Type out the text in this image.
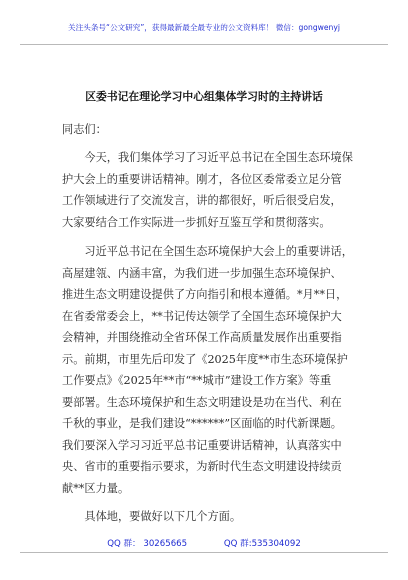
关注头条号“公文研究”，获得最新最全最专业的公文资料库！ 微信：gongwenyj
区委书记在理论学习中心组集体学习时的主持讲话
同志们：
　　今天，我们集体学习了习近平总书记在全国生态环境保
护大会上的重要讲话精神。刚才，各位区委常委立足分管
工作领域进行了交流发言，讲的都很好，听后很受启发，
大家要结合工作实际进一步抓好互鉴互学和贯彻落实。
　　习近平总书记在全国生态环境保护大会上的重要讲话，
高屋建瓴、内涵丰富，为我们进一步加强生态环境保护、
推进生态文明建设提供了方向指引和根本遵循。*月**日，
在省委常委会上，**书记传达领学了全国生态环境保护大
会精神，并围绕推动全省环保工作高质量发展作出重要指
示。前期，市里先后印发了《2025年度**市生态环境保护
工作要点》《2025年**市“**城市”建设工作方案》等重
要部署。生态环境保护和生态文明建设是功在当代、利在
千秋的事业，是我们建设“******”区面临的时代新课题。
我们要深入学习习近平总书记重要讲话精神，认真落实中
央、省市的重要指示要求，为新时代生态文明建设持续贡
献**区力量。
　　具体地，要做好以下几个方面。
QQ 群： 30265665	QQ 群:535304092
